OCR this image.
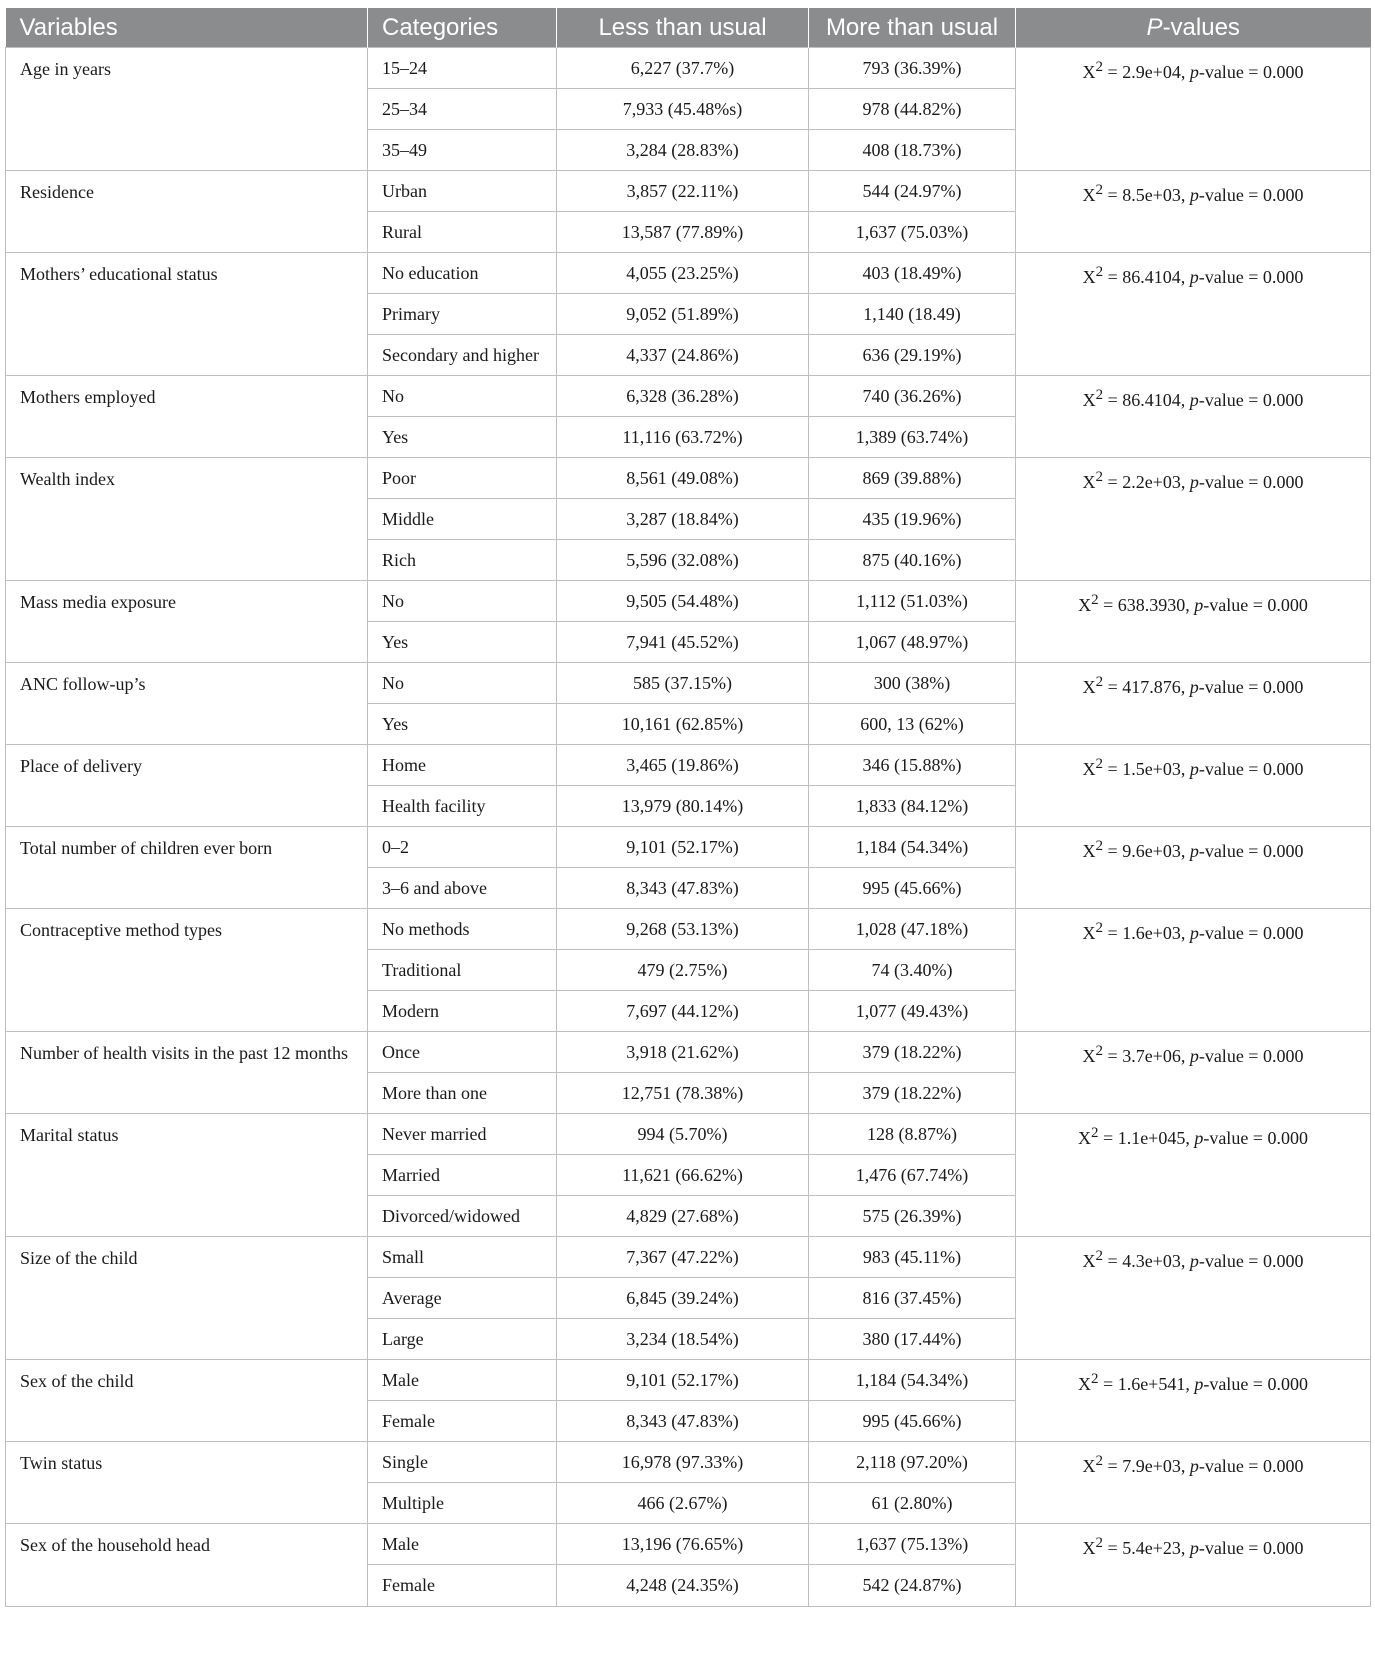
Variables	Categories	Less than usual	More than usual	P-values
Age in years	15–24	6,227 (37.7%)	793 (36.39%)	$X^2 = 2.9e+04$, p-value = 0.000
	25–34	7,933 (45.48%s)	978 (44.82%)	
	35–49	3,284 (28.83%)	408 (18.73%)	
Residence	Urban	3,857 (22.11%)	544 (24.97%)	$X^2 = 8.5e+03$, p-value = 0.000
	Rural	13,587 (77.89%)	1,637 (75.03%)	
Mothers’ educational status	No education	4,055 (23.25%)	403 (18.49%)	$X^2 = 86.4104$, p-value = 0.000
	Primary	9,052 (51.89%)	1,140 (18.49)	
	Secondary and higher	4,337 (24.86%)	636 (29.19%)	
Mothers employed	No	6,328 (36.28%)	740 (36.26%)	$X^2 = 86.4104$, p-value = 0.000
	Yes	11,116 (63.72%)	1,389 (63.74%)	
Wealth index	Poor	8,561 (49.08%)	869 (39.88%)	$X^2 = 2.2e+03$, p-value = 0.000
	Middle	3,287 (18.84%)	435 (19.96%)	
	Rich	5,596 (32.08%)	875 (40.16%)	
Mass media exposure	No	9,505 (54.48%)	1,112 (51.03%)	$X^2 = 638.3930$, p-value = 0.000
	Yes	7,941 (45.52%)	1,067 (48.97%)	
ANC follow-up’s	No	585 (37.15%)	300 (38%)	$X^2 = 417.876$, p-value = 0.000
	Yes	10,161 (62.85%)	600, 13 (62%)	
Place of delivery	Home	3,465 (19.86%)	346 (15.88%)	$X^2 = 1.5e+03$, p-value = 0.000
	Health facility	13,979 (80.14%)	1,833 (84.12%)	
Total number of children ever born	0–2	9,101 (52.17%)	1,184 (54.34%)	$X^2 = 9.6e+03$, p-value = 0.000
	3–6 and above	8,343 (47.83%)	995 (45.66%)	
Contraceptive method types	No methods	9,268 (53.13%)	1,028 (47.18%)	$X^2 = 1.6e+03$, p-value = 0.000
	Traditional	479 (2.75%)	74 (3.40%)	
	Modern	7,697 (44.12%)	1,077 (49.43%)	
Number of health visits in the past 12 months	Once	3,918 (21.62%)	379 (18.22%)	$X^2 = 3.7e+06$, p-value = 0.000
	More than one	12,751 (78.38%)	379 (18.22%)	
Marital status	Never married	994 (5.70%)	128 (8.87%)	$X^2 = 1.1e+045$, p-value = 0.000
	Married	11,621 (66.62%)	1,476 (67.74%)	
	Divorced/widowed	4,829 (27.68%)	575 (26.39%)	
Size of the child	Small	7,367 (47.22%)	983 (45.11%)	$X^2 = 4.3e+03$, p-value = 0.000
	Average	6,845 (39.24%)	816 (37.45%)	
	Large	3,234 (18.54%)	380 (17.44%)	
Sex of the child	Male	9,101 (52.17%)	1,184 (54.34%)	$X^2 = 1.6e+541$, p-value = 0.000
	Female	8,343 (47.83%)	995 (45.66%)	
Twin status	Single	16,978 (97.33%)	2,118 (97.20%)	$X^2 = 7.9e+03$, p-value = 0.000
	Multiple	466 (2.67%)	61 (2.80%)	
Sex of the household head	Male	13,196 (76.65%)	1,637 (75.13%)	$X^2 = 5.4e+23$, p-value = 0.000
	Female	4,248 (24.35%)	542 (24.87%)	
